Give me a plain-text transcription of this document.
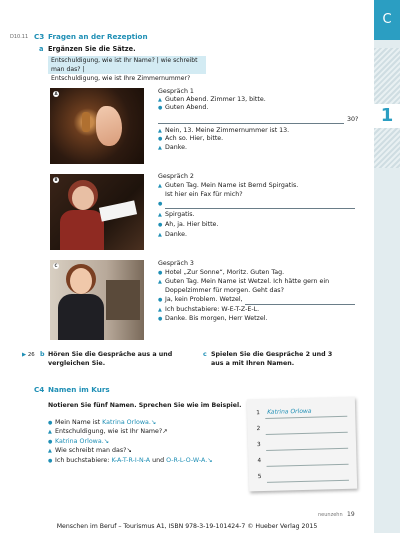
C
1
D10.11 C3 Fragen an der Rezeption
a Ergänzen Sie die Sätze.
Entschuldigung, wie ist Ihr Name? | wie schreibt man das? |
Entschuldigung, wie ist Ihre Zimmernummer?
A
B
C
Gespräch 1
▲ Guten Abend. Zimmer 13, bitte.
● Guten Abend.
30?
▲ Nein, 13. Meine Zimmernummer ist 13.
● Ach so. Hier, bitte.
▲ Danke.
Gespräch 2
▲ Guten Tag. Mein Name ist Bernd Spirgatis.
Ist hier ein Fax für mich?
●
▲ Spirgatis.
● Ah, ja. Hier bitte.
▲ Danke.
Gespräch 3
● Hotel „Zur Sonne“, Moritz. Guten Tag.
▲ Guten Tag. Mein Name ist Wetzel. Ich hätte gern ein
Doppelzimmer für morgen. Geht das?
● Ja, kein Problem. Wetzel,
▲ Ich buchstabiere: W-E-T-Z-E-L.
● Danke. Bis morgen, Herr Wetzel.
▶ 26 b Hören Sie die Gespräche aus a und
vergleichen Sie.
c Spielen Sie die Gespräche 2 und 3
aus a mit Ihren Namen.
C4 Namen im Kurs
Notieren Sie fünf Namen. Sprechen Sie wie im Beispiel.
● Mein Name ist Katrina Orlowa.↘
▲ Entschuldigung, wie ist Ihr Name?↗
● Katrina Orlowa.↘
▲ Wie schreibt man das?↘
● Ich buchstabiere: K-A-T-R-I-N-A und O-R-L-O-W-A.↘
1 Katrina Orlowa
2
3
4
5
neunzehn 19
Menschen im Beruf – Tourismus A1, ISBN 978-3-19-101424-7 © Hueber Verlag 2015
